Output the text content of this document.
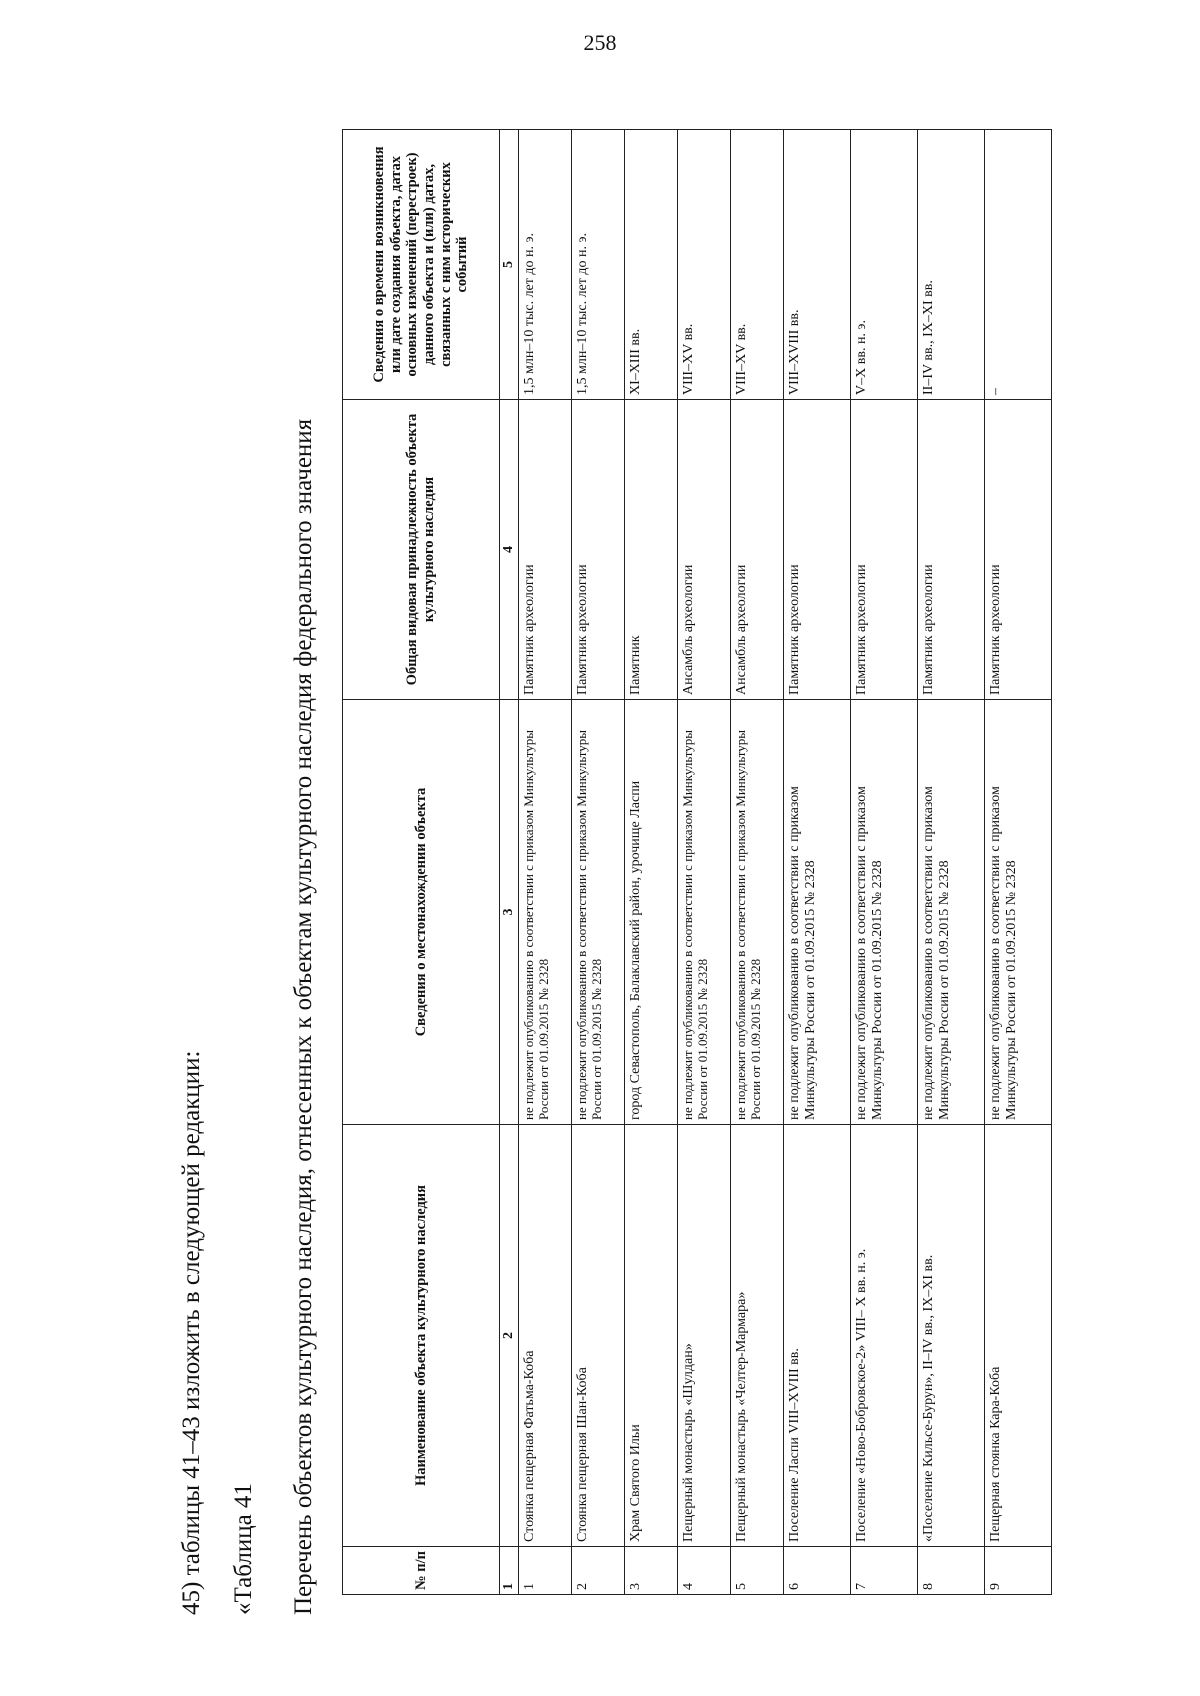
258
45) таблицы 41–43 изложить в следующей редакции: «Таблица 41 Перечень объектов культурного наследия, отнесенных к объектам культурного наследия федерального значения	№ п/п	Наименование объекта культурного наследия	Сведения о местонахождении объекта	Общая видовая принадлежность объекта культурного наследия	Сведения о времени возникновения или дате создания объекта, датах основных изменений (перестроек) данного объекта и (или) датах, связанных с ним исторических событий
1	2	3	4	5
1	Стоянка пещерная Фатьма-Коба	не подлежит опубликованию в соответствии с приказом Минкультуры России от 01.09.2015 № 2328	Памятник археологии	1,5 млн–10 тыс. лет до н. э.
2	Стоянка пещерная Шан-Коба	не подлежит опубликованию в соответствии с приказом Минкультуры России от 01.09.2015 № 2328	Памятник археологии	1,5 млн–10 тыс. лет до н. э.
3	Храм Святого Ильи	город Севастополь, Балаклавский район, урочище Ласпи	Памятник	XI–XIII вв.
4	Пещерный монастырь «Шулдан»	не подлежит опубликованию в соответствии с приказом Минкультуры России от 01.09.2015 № 2328	Ансамбль археологии	VIII–XV вв.
5	Пещерный монастырь «Челтер-Мармара»	не подлежит опубликованию в соответствии с приказом Минкультуры России от 01.09.2015 № 2328	Ансамбль археологии	VIII–XV вв.
6	Поселение Ласпи VIII–XVIII вв.	не подлежит опубликованию в соответствии с приказом Минкультуры России от 01.09.2015 № 2328	Памятник археологии	VIII–XVIII вв.
7	Поселение «Ново-Бобровское-2» VIII– X вв. н. э.	не подлежит опубликованию в соответствии с приказом Минкультуры России от 01.09.2015 № 2328	Памятник археологии	V–X вв. н. э.
8	«Поселение Кильсе-Бурун», II–IV вв., IX–XI вв.	не подлежит опубликованию в соответствии с приказом Минкультуры России от 01.09.2015 № 2328	Памятник археологии	II–IV вв., IX–XI вв.
9	Пещерная стоянка Кара-Коба	не подлежит опубликованию в соответствии с приказом Минкультуры России от 01.09.2015 № 2328	Памятник археологии	–
